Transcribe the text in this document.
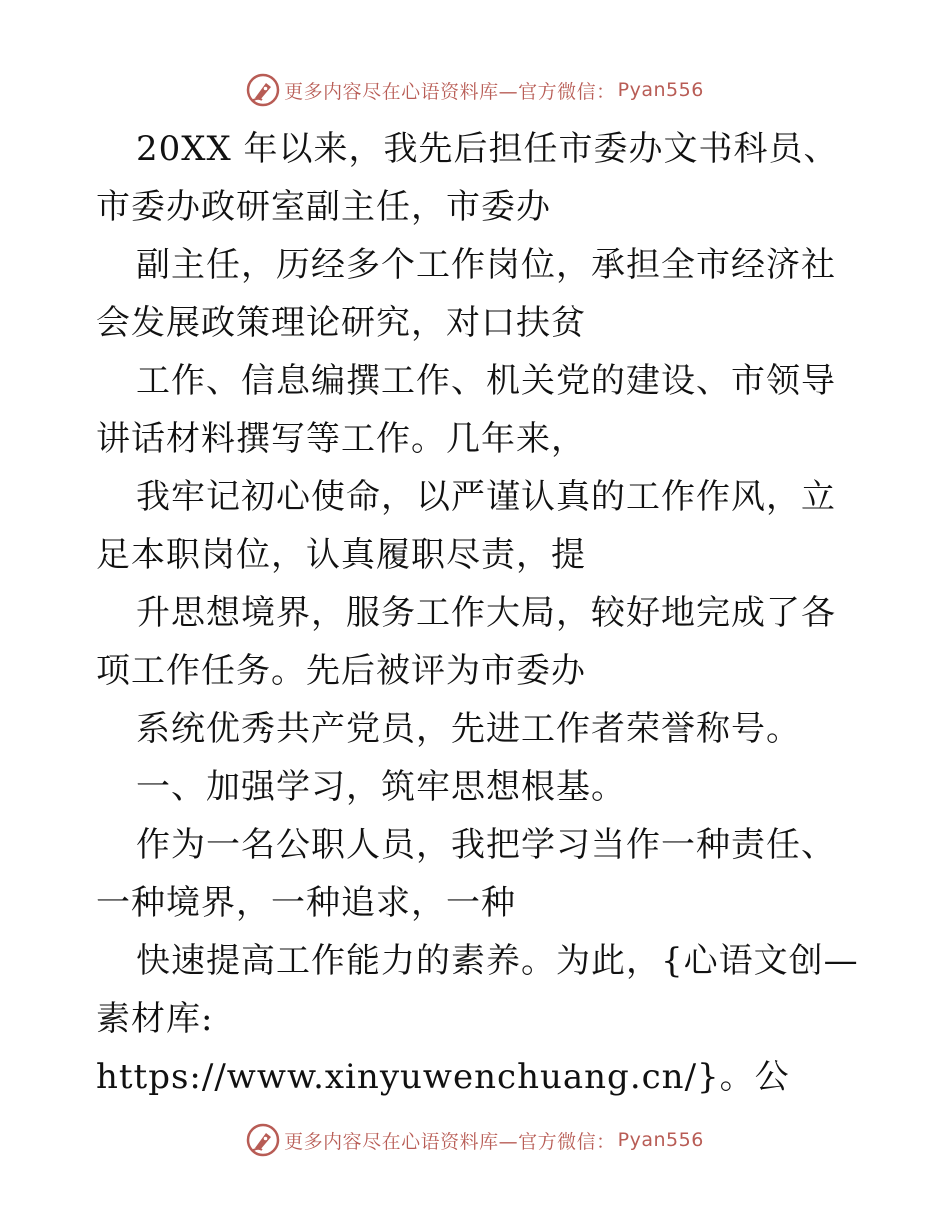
更多内容尽在心语资料库—官方微信： Pyan556

20XX 年以来，我先后担任市委办文书科员、市委办政研室副主任，市委办

副主任，历经多个工作岗位，承担全市经济社会发展政策理论研究，对口扶贫

工作、信息编撰工作、机关党的建设、市领导讲话材料撰写等工作。几年来，

我牢记初心使命，以严谨认真的工作作风，立足本职岗位，认真履职尽责，提

升思想境界，服务工作大局，较好地完成了各项工作任务。先后被评为市委办

系统优秀共产党员，先进工作者荣誉称号。

一、加强学习，筑牢思想根基。

作为一名公职人员，我把学习当作一种责任、一种境界，一种追求，一种

快速提高工作能力的素养。为此，{心语文创—素材库: https://www.xinyuwenchuang.cn/}。公

更多内容尽在心语资料库—官方微信： Pyan556
